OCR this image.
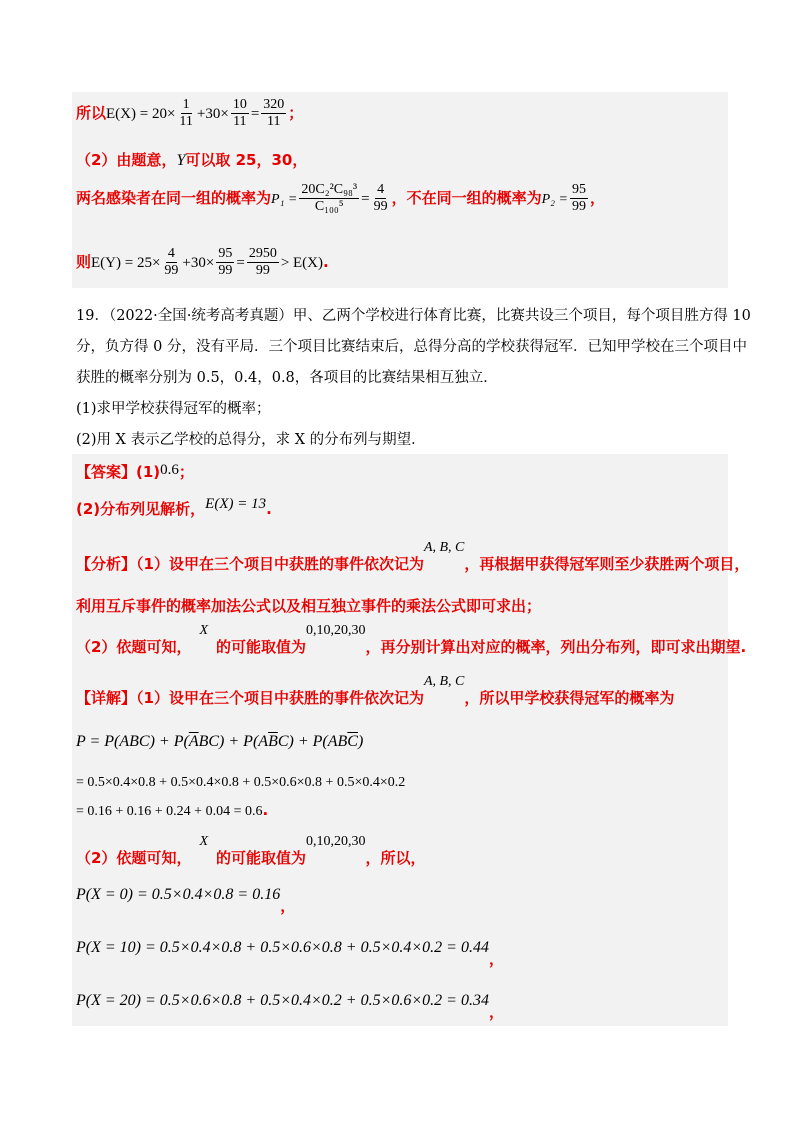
所以$E(X) = 20\times \frac{1}{11} +30\times \frac{10}{11} = \frac{320}{11}$ ；
（2）由题意，Y可以取 25，30，
两名感染者在同一组的概率为$P_1 = \frac{\text{20C₂²C₉₈³}}{\text{C₁₀₀⁵}} = \frac{4}{99}$ ，不在同一组的概率为$P_2 = \frac{95}{99}$ ，
则$E(Y) = 25\times \frac{4}{99} +30\times \frac{95}{99} = \frac{2950}{99} > E(X)$.
19．（2022·全国·统考高考真题）甲、乙两个学校进行体育比赛，比赛共设三个项目，每个项目胜方得 10
分，负方得 0 分，没有平局．三个项目比赛结束后，总得分高的学校获得冠军．已知甲学校在三个项目中
获胜的概率分别为 0.5，0.4，0.8，各项目的比赛结果相互独立．
(1)求甲学校获得冠军的概率；
(2)用 X 表示乙学校的总得分，求 X 的分布列与期望．
【答案】(1)0.6；
(2)分布列见解析，E(X) = 13.
【分析】（1）设甲在三个项目中获胜的事件依次记为A, B, C，再根据甲获得冠军则至少获胜两个项目，
利用互斥事件的概率加法公式以及相互独立事件的乘法公式即可求出；
（2）依题可知，X的可能取值为0,10,20,30，再分别计算出对应的概率，列出分布列，即可求出期望.
【详解】（1）设甲在三个项目中获胜的事件依次记为A, B, C，所以甲学校获得冠军的概率为
$P = P(ABC) + P(\overline{A}BC) + P(A\overline{B}C) + P(AB\overline{C})$
= 0.5×0.4×0.8 + 0.5×0.4×0.8 + 0.5×0.6×0.8 + 0.5×0.4×0.2
= 0.16 + 0.16 + 0.24 + 0.04 = 0.6.
（2）依题可知，X的可能取值为0,10,20,30，所以，
P(X = 0) = 0.5×0.4×0.8 = 0.16，
P(X = 10) = 0.5×0.4×0.8 + 0.5×0.6×0.8 + 0.5×0.4×0.2 = 0.44，
P(X = 20) = 0.5×0.6×0.8 + 0.5×0.4×0.2 + 0.5×0.6×0.2 = 0.34，
